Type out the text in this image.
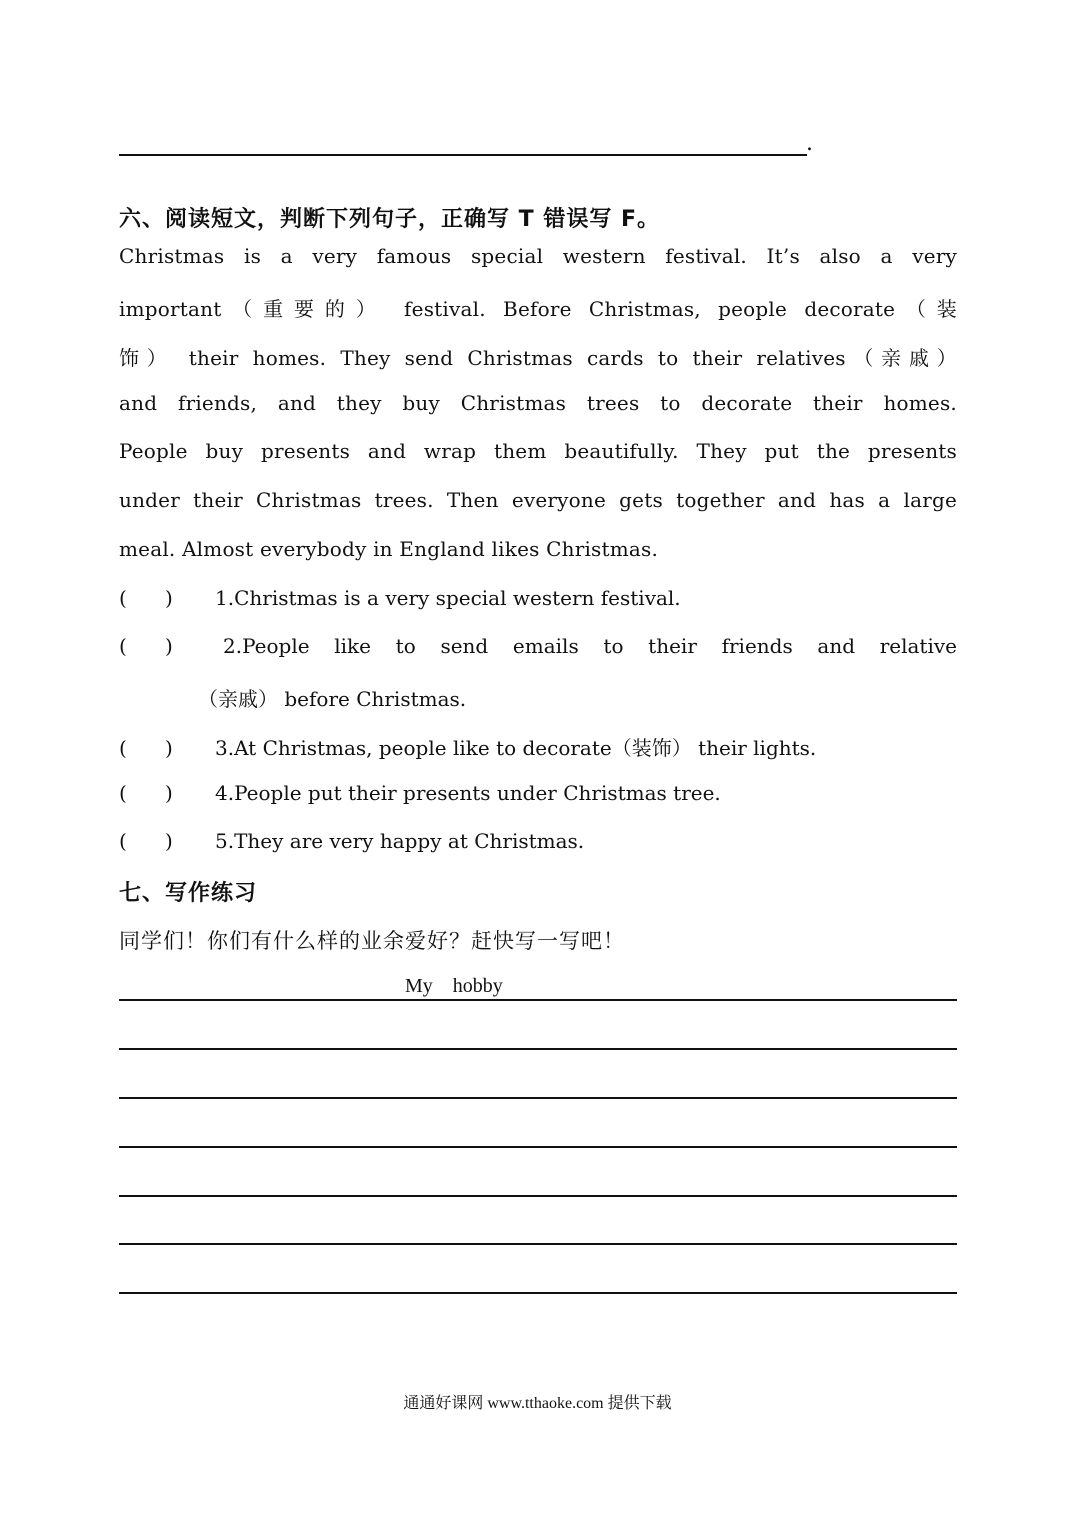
.
六、阅读短文，判断下列句子，正确写 T 错误写 F。
Christmas is a very famous special western festival. It’s also a very
important（重要的） festival. Before Christmas, people decorate（装
饰） their homes. They send Christmas cards to their relatives（亲戚）
and friends, and they buy Christmas trees to decorate their homes.
People buy presents and wrap them beautifully. They put the presents
under their Christmas trees. Then everyone gets together and has a large
meal. Almost everybody in England likes Christmas.
(      ) 1.Christmas is a very special western festival.
(      )	2.People like to send emails to their friends and relative
（亲戚） before Christmas.
(      ) 3.At Christmas, people like to decorate（装饰） their lights.
(      ) 4.People put their presents under Christmas tree.
(      ) 5.They are very happy at Christmas.
七、写作练习
同学们！你们有什么样的业余爱好？赶快写一写吧！
My    hobby
通通好课网 www.tthaoke.com 提供下载
